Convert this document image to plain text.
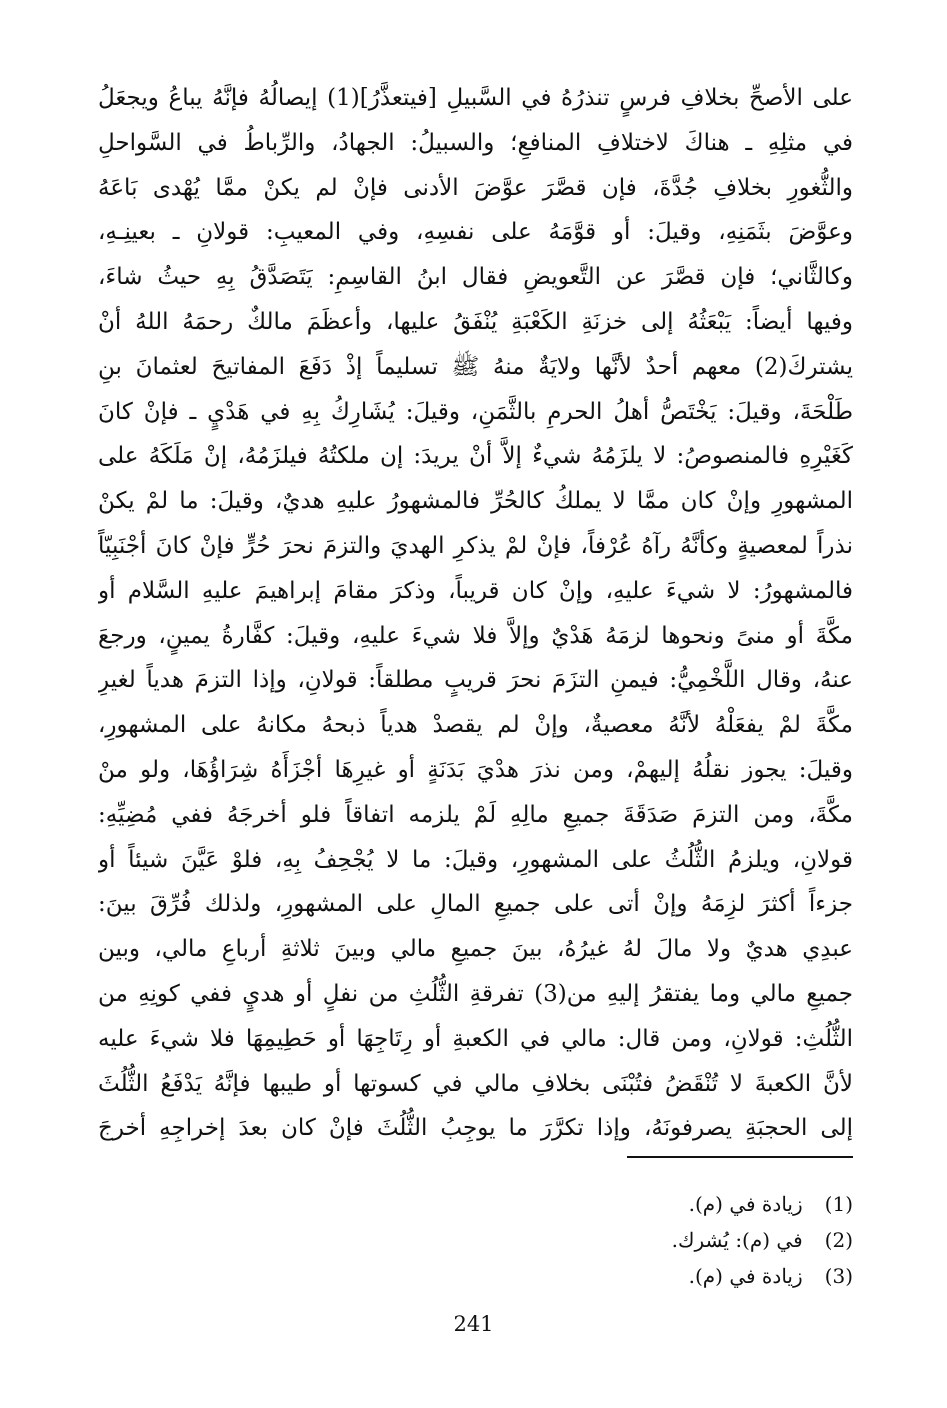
على الأصحِّ بخلافِ فرسٍ تنذرُهُ في السَّبيلِ [فيتعذَّرُ](1) إيصالُهُ فإنَّهُ يباعُ ويجعَلُ
في مثلِهِ ـ هناكَ لاختلافِ المنافعِ؛ والسبيلُ: الجهادُ، والرِّباطُ في السَّواحلِ
والثُّغورِ بخلافِ جُدَّةَ، فإن قصَّرَ عوَّضَ الأدنى فإنْ لم يكنْ ممَّا يُهْدى بَاعَهُ
وعوَّضَ بثَمَنِهِ، وقيلَ: أو قوَّمَهُ على نفسِهِ، وفي المعيبِ: قولانِ ـ بعينِـهِ،
وكالثَّاني؛ فإن قصَّرَ عن التَّعويضِ فقال ابنُ القاسِمِ: يَتَصَدَّقُ بِهِ حيثُ شاءَ،
وفيها أيضاً: يَبْعَثُهُ إلى خزنَةِ الكَعْبَةِ يُنْفَقُ عليها، وأعظَمَ مالكٌ رحمَهُ اللهُ أنْ
يشتركَ(2) معهم أحدٌ لأنَّها ولايَةٌ منهُ ﷺ تسليماً إذْ دَفَعَ المفاتيحَ لعثمانَ بنِ
طَلْحَةَ، وقيلَ: يَخْتَصُّ أهلُ الحرمِ بالثَّمَنِ، وقيلَ: يُشَارِكُ بِهِ في هَدْيٍ ـ فإنْ كانَ
كَغَيْرِهِ فالمنصوصُ: لا يلزَمُهُ شيءٌ إلاَّ أنْ يريدَ: إن ملكتُهُ فيلزَمُهُ، إنْ مَلَكَهُ على
المشهورِ وإنْ كان ممَّا لا يملكُ كالحُرِّ فالمشهورُ عليهِ هديٌ، وقيلَ: ما لمْ يكنْ
نذراً لمعصيةٍ وكأنَّهُ رآهُ عُرْفاً، فإنْ لمْ يذكرِ الهديَ والتزمَ نحرَ حُرٍّ فإنْ كانَ أجْنَبِيّاً
فالمشهورُ: لا شيءَ عليهِ، وإنْ كان قريباً، وذكرَ مقامَ إبراهيمَ عليهِ السَّلام أو
مكَّةَ أو منىً ونحوها لزمَهُ هَدْيٌ وإلاَّ فلا شيءَ عليهِ، وقيلَ: كفَّارةُ يمينٍ، ورجعَ
عنهُ، وقال اللَّخْمِيُّ: فيمنِ التزَمَ نحرَ قريبٍ مطلقاً: قولانِ، وإذا التزمَ هدياً لغيرِ
مكَّةَ لمْ يفعَلْهُ لأنَّهُ معصيةٌ، وإنْ لم يقصدْ هدياً ذبحهُ مكانهُ على المشهورِ،
وقيلَ: يجوز نقلُهُ إليهمْ، ومن نذرَ هدْيَ بَدَنَةٍ أو غيرِهَا أجْزَأَهُ شِرَاؤُهَا، ولو منْ
مكَّةَ، ومن التزمَ صَدَقَةَ جميعِ مالِهِ لَمْ يلزمه اتفاقاً فلو أخرجَهُ ففي مُضِيِّهِ:
قولانِ، ويلزمُ الثُّلُثُ على المشهورِ، وقيلَ: ما لا يُجْحِفُ بِهِ، فلوْ عَيَّنَ شيئاً أو
جزءاً أكثرَ لزِمَهُ وإنْ أتى على جميعِ المالِ على المشهورِ، ولذلك فُرِّقَ بينَ:
عبدِي هديٌ ولا مالَ لهُ غيرُهُ، بينَ جميعِ مالي وبينَ ثلاثةِ أرباعِ مالي، وبين
جميعِ مالي وما يفتقرُ إليهِ من(3) تفرقةِ الثُّلُثِ من نفلٍ أو هديٍ ففي كونِهِ من
الثُّلُثِ: قولانِ، ومن قال: مالي في الكعبةِ أو رِتَاجِهَا أو حَطِيمِهَا فلا شيءَ عليه
لأنَّ الكعبةَ لا تُنْقَضُ فتُبْنَى بخلافِ مالي في كسوتها أو طيبها فإنَّهُ يَدْفَعُ الثُّلُثَ
إلى الحجبَةِ يصرفونَهُ، وإذا تكرَّرَ ما يوجِبُ الثُّلُثَ فإنْ كان بعدَ إخراجِهِ أخرجَ
(1) زيادة في (م).
(2) في (م): يُشرك.
(3) زيادة في (م).
241
